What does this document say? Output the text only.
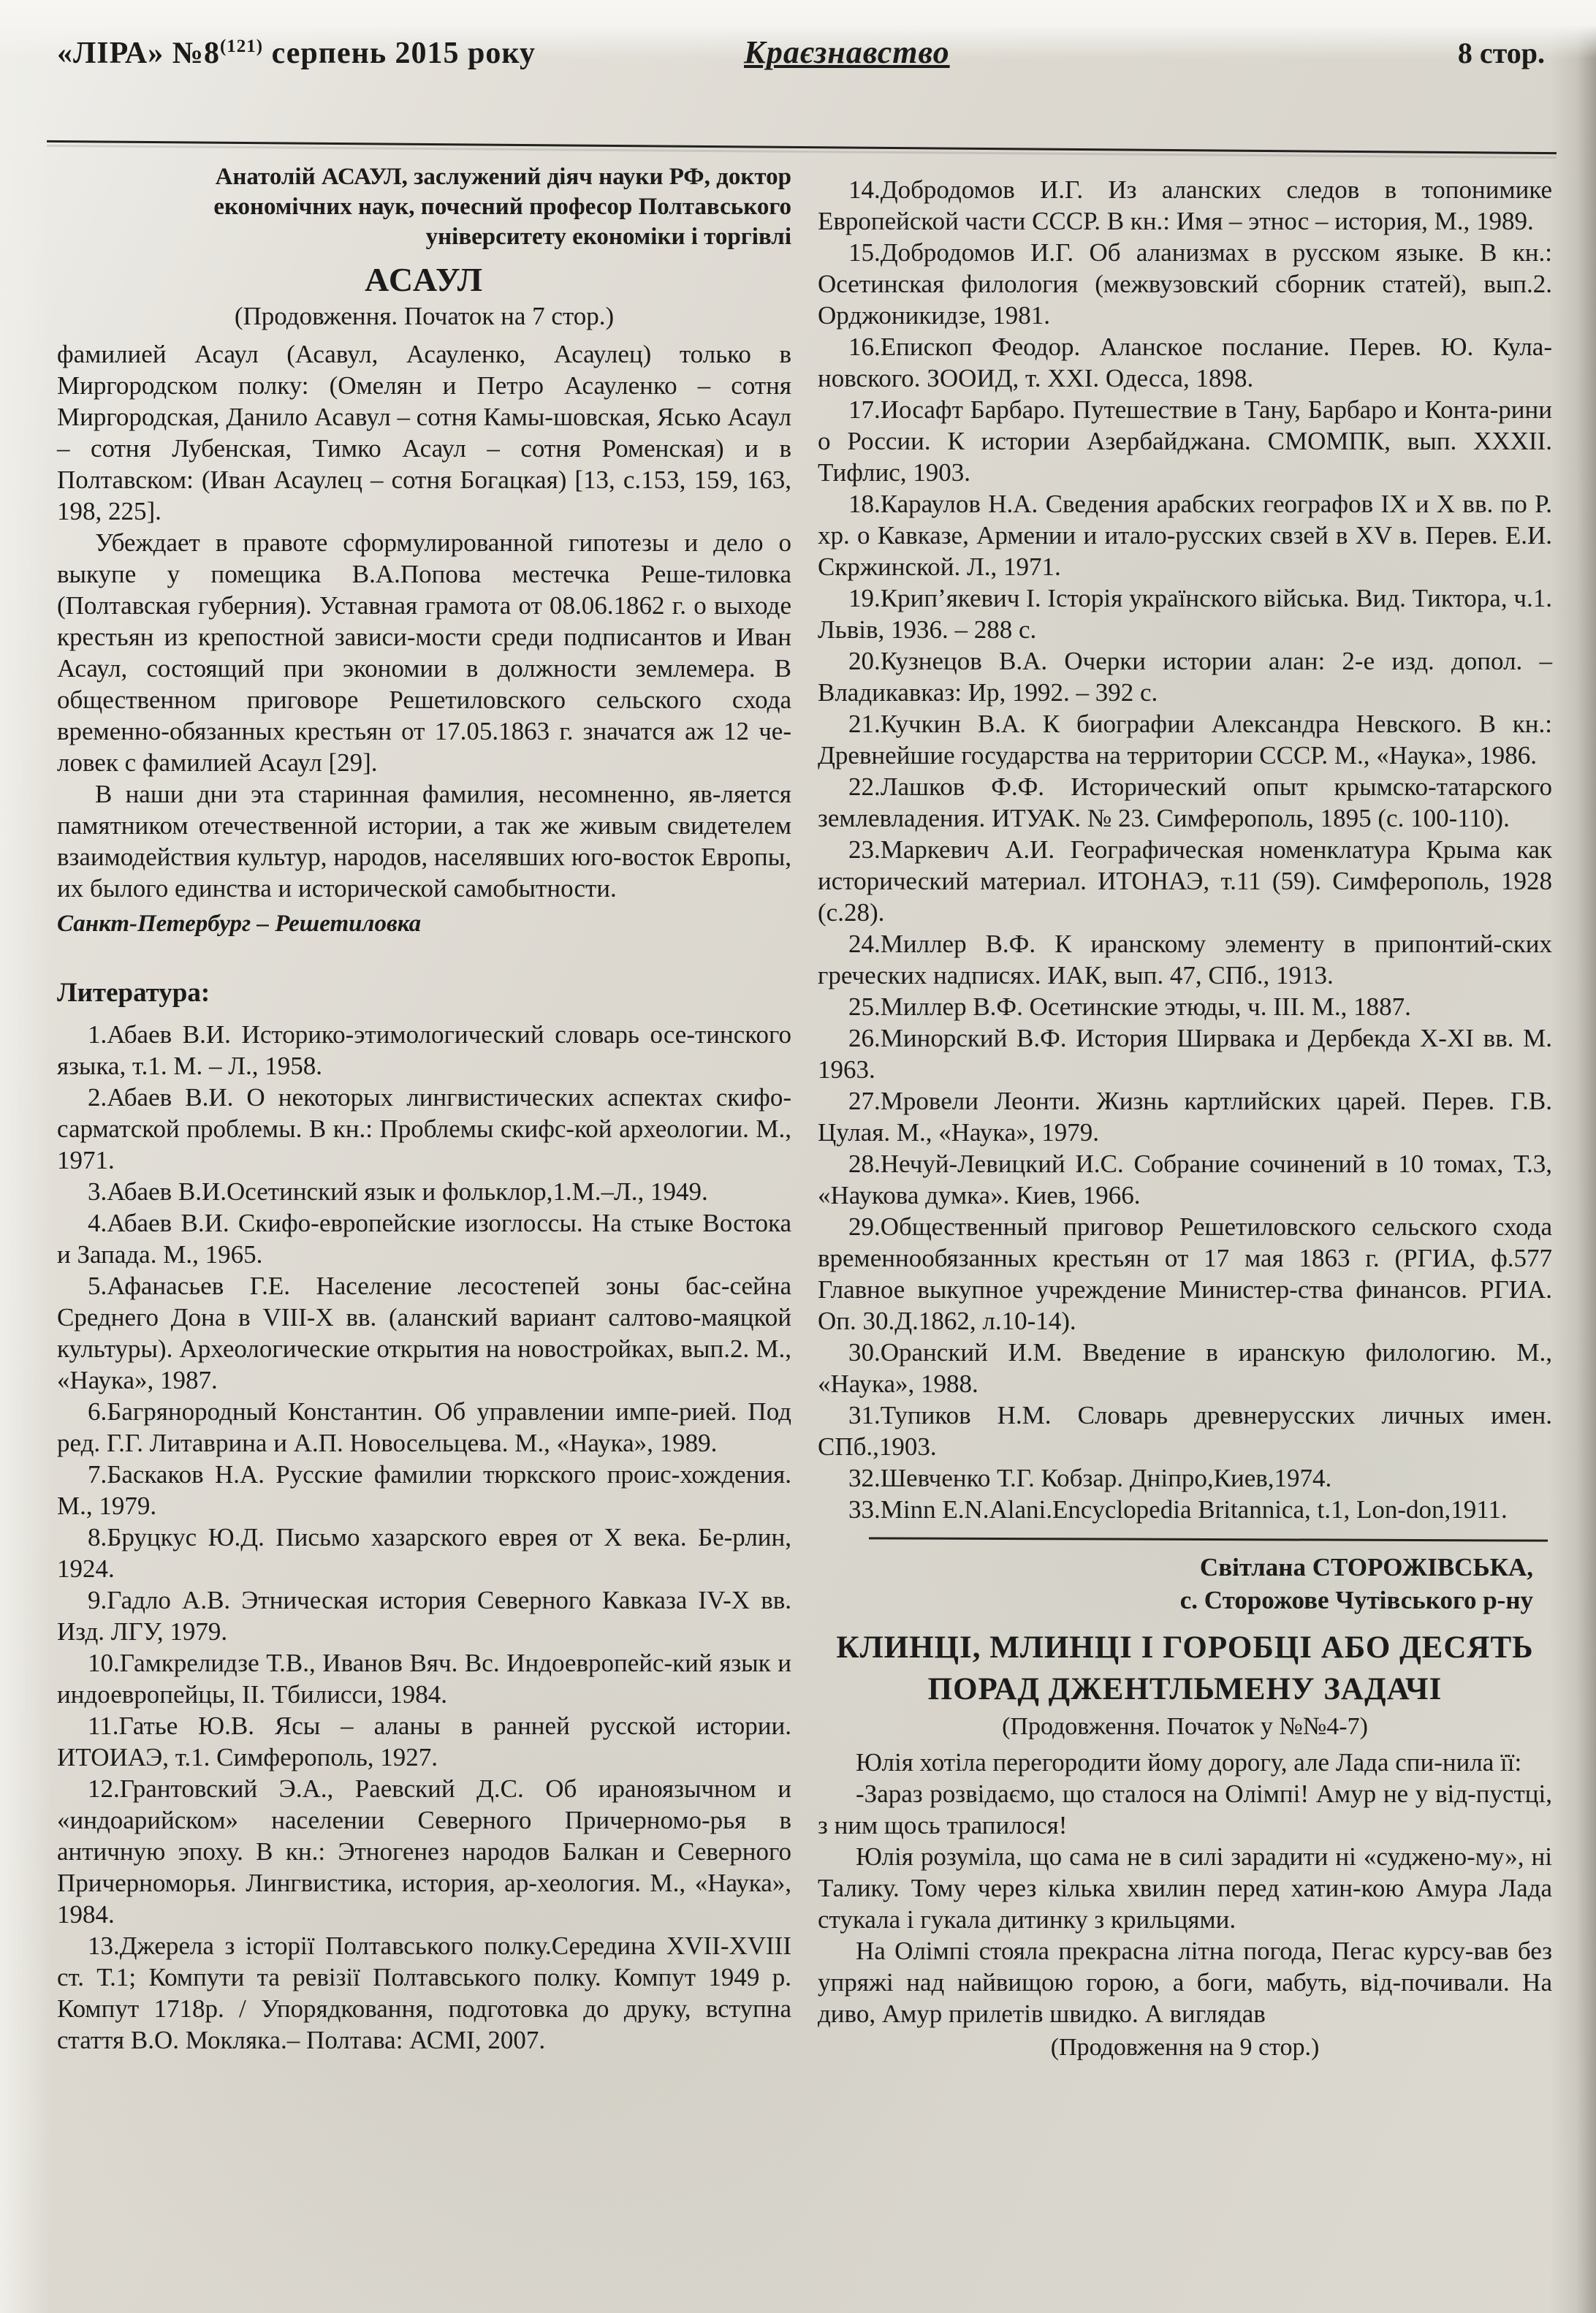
«ЛІРА» №8$^{(121)}$ серпень 2015 року	Краєзнавство	8 стор.
Анатолій АСАУЛ, заслужений діяч науки РФ, доктор економічних наук, почесний професор Полтавського університету економіки і торгівлі
АСАУЛ
(Продовження. Початок на 7 стор.)

фамилией Асаул (Асавул, Асауленко, Асаулец) только в Миргородском полку: (Омелян и Петро Асауленко – сотня Миргородская, Данило Асавул – сотня Камы-шовская, Ясько Асаул – сотня Лубенская, Тимко Асаул – сотня Роменская) и в Полтавском: (Иван Асаулец – сотня Богацкая) [13, с.153, 159, 163, 198, 225].

Убеждает в правоте сформулированной гипотезы и дело о выкупе у помещика В.А.Попова местечка Реше-тиловка (Полтавская губерния). Уставная грамота от 08.06.1862 г. о выходе крестьян из крепостной зависи-мости среди подписантов и Иван Асаул, состоящий при экономии в должности землемера. В общественном приговоре Решетиловского сельского схода временно-обязанных крестьян от 17.05.1863 г. значатся аж 12 че-ловек с фамилией Асаул [29].

В наши дни эта старинная фамилия, несомненно, яв-ляется памятником отечественной истории, а так же живым свидетелем взаимодействия культур, народов, населявших юго-восток Европы, их былого единства и исторической самобытности.

Санкт-Петербург – Решетиловка
Литература:

1.Абаев В.И. Историко-этимологический словарь осе-тинского языка, т.1. М. – Л., 1958.

2.Абаев В.И. О некоторых лингвистических аспектах скифо-сарматской проблемы. В кн.: Проблемы скифс-кой археологии. М., 1971.

3.Абаев В.И.Осетинский язык и фольклор,1.М.–Л., 1949.

4.Абаев В.И. Скифо-европейские изоглоссы. На стыке Востока и Запада. М., 1965.

5.Афанасьев Г.Е. Население лесостепей зоны бас-сейна Среднего Дона в VIII-X вв. (аланский вариант салтово-маяцкой культуры). Археологические открытия на новостройках, вып.2. М., «Наука», 1987.

6.Багрянородный Константин. Об управлении импе-рией. Под ред. Г.Г. Литаврина и А.П. Новосельцева. М., «Наука», 1989.

7.Баскаков Н.А. Русские фамилии тюркского проис-хождения. М., 1979.

8.Бруцкус Ю.Д. Письмо хазарского еврея от X века. Бе-рлин, 1924.

9.Гадло А.В. Этническая история Северного Кавказа IV-X вв. Изд. ЛГУ, 1979.

10.Гамкрелидзе Т.В., Иванов Вяч. Вс. Индоевропейс-кий язык и индоевропейцы, II. Тбилисси, 1984.

11.Гатье Ю.В. Ясы – аланы в ранней русской истории. ИТОИАЭ, т.1. Симферополь, 1927.

12.Грантовский Э.А., Раевский Д.С. Об ираноязычном и «индоарийском» населении Северного Причерномо-рья в античную эпоху. В кн.: Этногенез народов Балкан и Северного Причерноморья. Лингвистика, история, ар-хеология. М., «Наука», 1984.

13.Джерела з історії Полтавського полку.Середина XVII-XVIII ст. Т.1; Компути та ревізії Полтавського полку. Компут 1949 р. Компут 1718р. / Упорядковання, подготовка до друку, вступна стаття В.О. Мокляка.– Полтава: АСМІ, 2007.

14.Добродомов И.Г. Из аланских следов в топонимике Европейской части СССР. В кн.: Имя – этнос – история, М., 1989.

15.Добродомов И.Г. Об аланизмах в русском языке. В кн.: Осетинская филология (межвузовский сборник статей), вып.2. Орджоникидзе, 1981.

16.Епископ Феодор. Аланское послание. Перев. Ю. Кула-новского. ЗООИД, т. XXI. Одесса, 1898.

17.Иосафт Барбаро. Путешествие в Тану, Барбаро и Конта-рини о России. К истории Азербайджана. СМОМПК, вып. XXXII. Тифлис, 1903.

18.Караулов Н.А. Сведения арабских географов IX и X вв. по Р. хр. о Кавказе, Армении и итало-русских свзей в XV в. Перев. Е.И. Скржинской. Л., 1971.

19.Крип’якевич І. Історія українского війська. Вид. Тиктора, ч.1. Львів, 1936. – 288 с.

20.Кузнецов В.А. Очерки истории алан: 2-е изд. допол. – Владикавказ: Ир, 1992. – 392 с.

21.Кучкин В.А. К биографии Александра Невского. В кн.: Древнейшие государства на территории СССР. М., «Наука», 1986.

22.Лашков Ф.Ф. Исторический опыт крымско-татарского землевладения. ИТУАК. № 23. Симферополь, 1895 (с. 100-110).

23.Маркевич А.И. Географическая номенклатура Крыма как исторический материал. ИТОНАЭ, т.11 (59). Симферополь, 1928 (с.28).

24.Миллер В.Ф. К иранскому элементу в припонтий-ских греческих надписях. ИАК, вып. 47, СПб., 1913.

25.Миллер В.Ф. Осетинские этюды, ч. III. М., 1887.

26.Минорский В.Ф. История Ширвака и Дербекда X-XI вв. М. 1963.

27.Мровели Леонти. Жизнь картлийских царей. Перев. Г.В. Цулая. М., «Наука», 1979.

28.Нечуй-Левицкий И.С. Собрание сочинений в 10 томах, Т.3, «Наукова думка». Киев, 1966.

29.Общественный приговор Решетиловского сельского схода временнообязанных крестьян от 17 мая 1863 г. (РГИА, ф.577 Главное выкупное учреждение Министер-ства финансов. РГИА. Оп. 30.Д.1862, л.10-14).

30.Оранский И.М. Введение в иранскую филологию. М., «Наука», 1988.

31.Тупиков Н.М. Словарь древнерусских личных имен. СПб.,1903.

32.Шевченко Т.Г. Кобзар. Дніпро,Киев,1974.

33.Minn E.N.Alani.Encyclopedia Britannica, t.1, Lon-don,1911.

Світлана СТОРОЖІВСЬКА,
с. Сторожове Чутівського р-ну
КЛИНЦІ, МЛИНЦІ І ГОРОБЦІ АБО ДЕСЯТЬ
ПОРАД ДЖЕНТЛЬМЕНУ ЗАДАЧІ
(Продовження. Початок у №№4-7)

Юлія хотіла перегородити йому дорогу, але Лада спи-нила її:

-Зараз розвідаємо, що сталося на Олімпі! Амур не у від-пустці, з ним щось трапилося!

Юлія розуміла, що сама не в силі зарадити ні «суджено-му», ні Талику. Тому через кілька хвилин перед хатин-кою Амура Лада стукала і гукала дитинку з крильцями.

На Олімпі стояла прекрасна літна погода, Пегас курсу-вав без упряжі над найвищою горою, а боги, мабуть, від-почивали. На диво, Амур прилетів швидко. А виглядав

(Продовження на 9 стор.)
